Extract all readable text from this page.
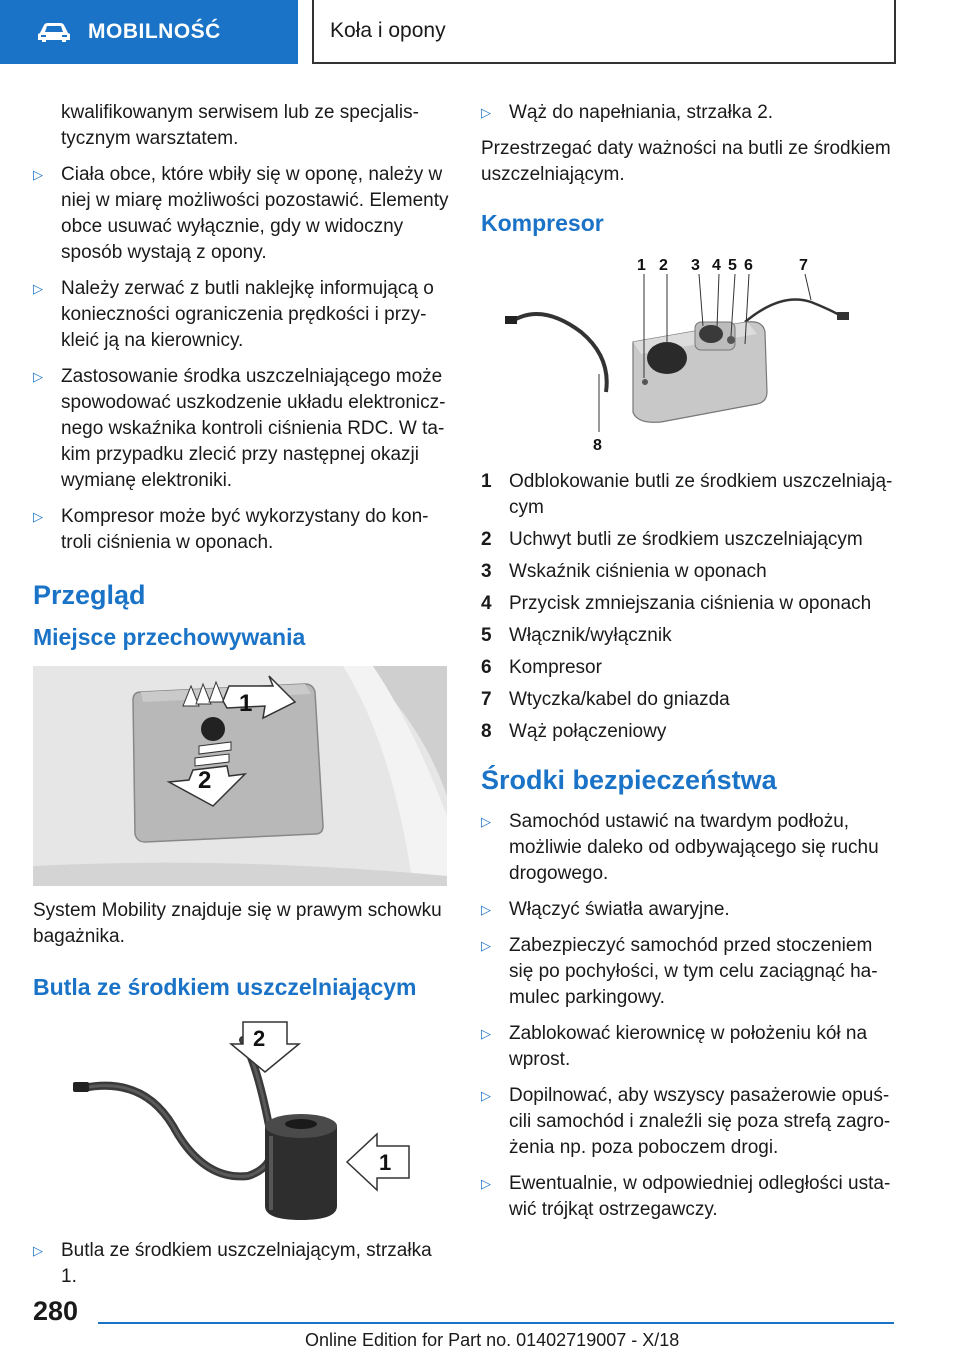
MOBILNOŚĆ	Koła i opony
kwalifikowanym serwisem lub ze specjalistycznym warsztatem.
▷ Ciała obce, które wbiły się w oponę, należy w niej w miarę możliwości pozostawić. Elementy obce usuwać wyłącznie, gdy w widoczny sposób wystają z opony.
▷ Należy zerwać z butli naklejkę informującą o konieczności ograniczenia prędkości i przykleić ją na kierownicy.
▷ Zastosowanie środka uszczelniającego może spowodować uszkodzenie układu elektronicznego wskaźnika kontroli ciśnienia RDC. W takim przypadku zlecić przy następnej okazji wymianę elektroniki.
▷ Kompresor może być wykorzystany do kontroli ciśnienia w oponach.
Przegląd
Miejsce przechowywania
1
2

System Mobility znajduje się w prawym schowku bagażnika.

Butla ze środkiem uszczelniającym
2
1
▷ Butla ze środkiem uszczelniającym, strzałka 1.
▷ Wąż do napełniania, strzałka 2.

Przestrzegać daty ważności na butli ze środkiem uszczelniającym.

Kompresor
1 2 3 4 5 6	7
8
1 Odblokowanie butli ze środkiem uszczelniającym
2 Uchwyt butli ze środkiem uszczelniającym
3 Wskaźnik ciśnienia w oponach
4 Przycisk zmniejszania ciśnienia w oponach
5 Włącznik/wyłącznik
6 Kompresor
7 Wtyczka/kabel do gniazda
8 Wąż połączeniowy
Środki bezpieczeństwa
▷ Samochód ustawić na twardym podłożu, możliwie daleko od odbywającego się ruchu drogowego.
▷ Włączyć światła awaryjne.
▷ Zabezpieczyć samochód przed stoczeniem się po pochyłości, w tym celu zaciągnąć hamulec parkingowy.
▷ Zablokować kierownicę w położeniu kół na wprost.
▷ Dopilnować, aby wszyscy pasażerowie opuścili samochód i znaleźli się poza strefą zagrożenia np. poza poboczem drogi.
▷ Ewentualnie, w odpowiedniej odległości ustawić trójkąt ostrzegawczy.
280
Online Edition for Part no. 01402719007 - X/18
